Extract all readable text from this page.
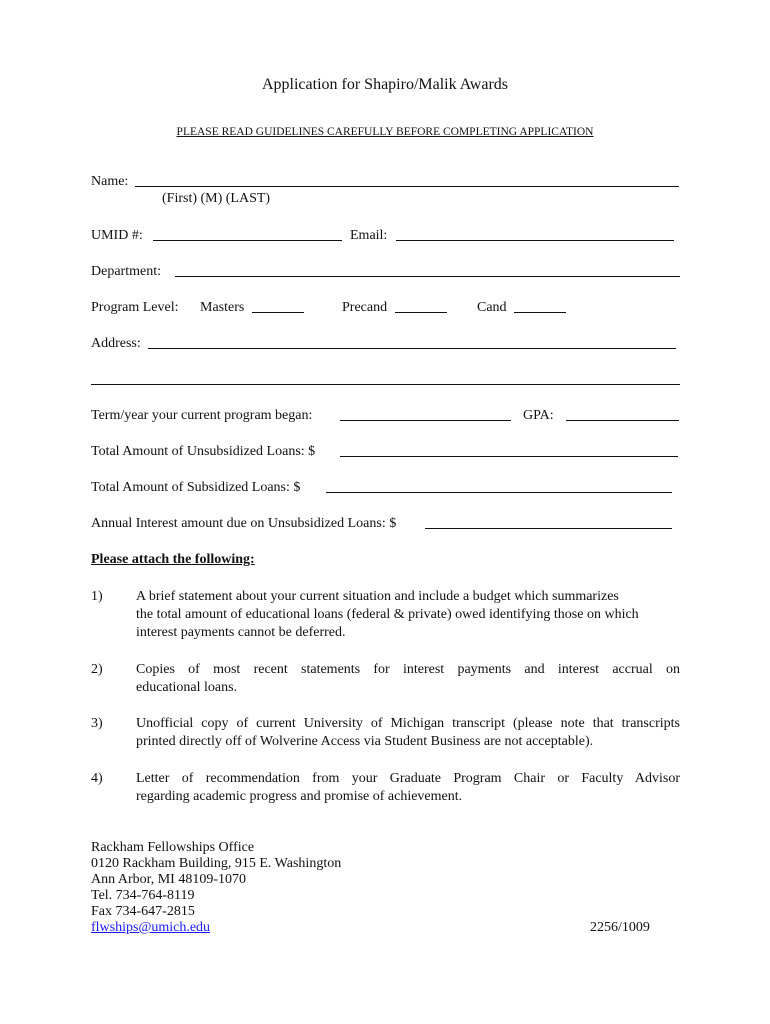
Application for Shapiro/Malik Awards
PLEASE READ GUIDELINES CAREFULLY BEFORE COMPLETING APPLICATION
Name:
(First) (M) (LAST)
UMID #:	Email:
Department:
Program Level: Masters	Precand	Cand
Address:
Term/year your current program began:	GPA:
Total Amount of Unsubsidized Loans: $
Total Amount of Subsidized Loans: $
Annual Interest amount due on Unsubsidized Loans: $
Please attach the following:
1) A brief statement about your current situation and include a budget which summarizes
the total amount of educational loans (federal & private) owed identifying those on which
interest payments cannot be deferred.
2) Copies of most recent statements for interest payments and interest accrual on
educational loans.
3) Unofficial copy of current University of Michigan transcript (please note that transcripts
printed directly off of Wolverine Access via Student Business are not acceptable).
4) Letter of recommendation from your Graduate Program Chair or Faculty Advisor
regarding academic progress and promise of achievement.
Rackham Fellowships Office
0120 Rackham Building, 915 E. Washington
Ann Arbor, MI 48109-1070
Tel. 734-764-8119
Fax 734-647-2815
flwships@umich.edu	2256/1009
